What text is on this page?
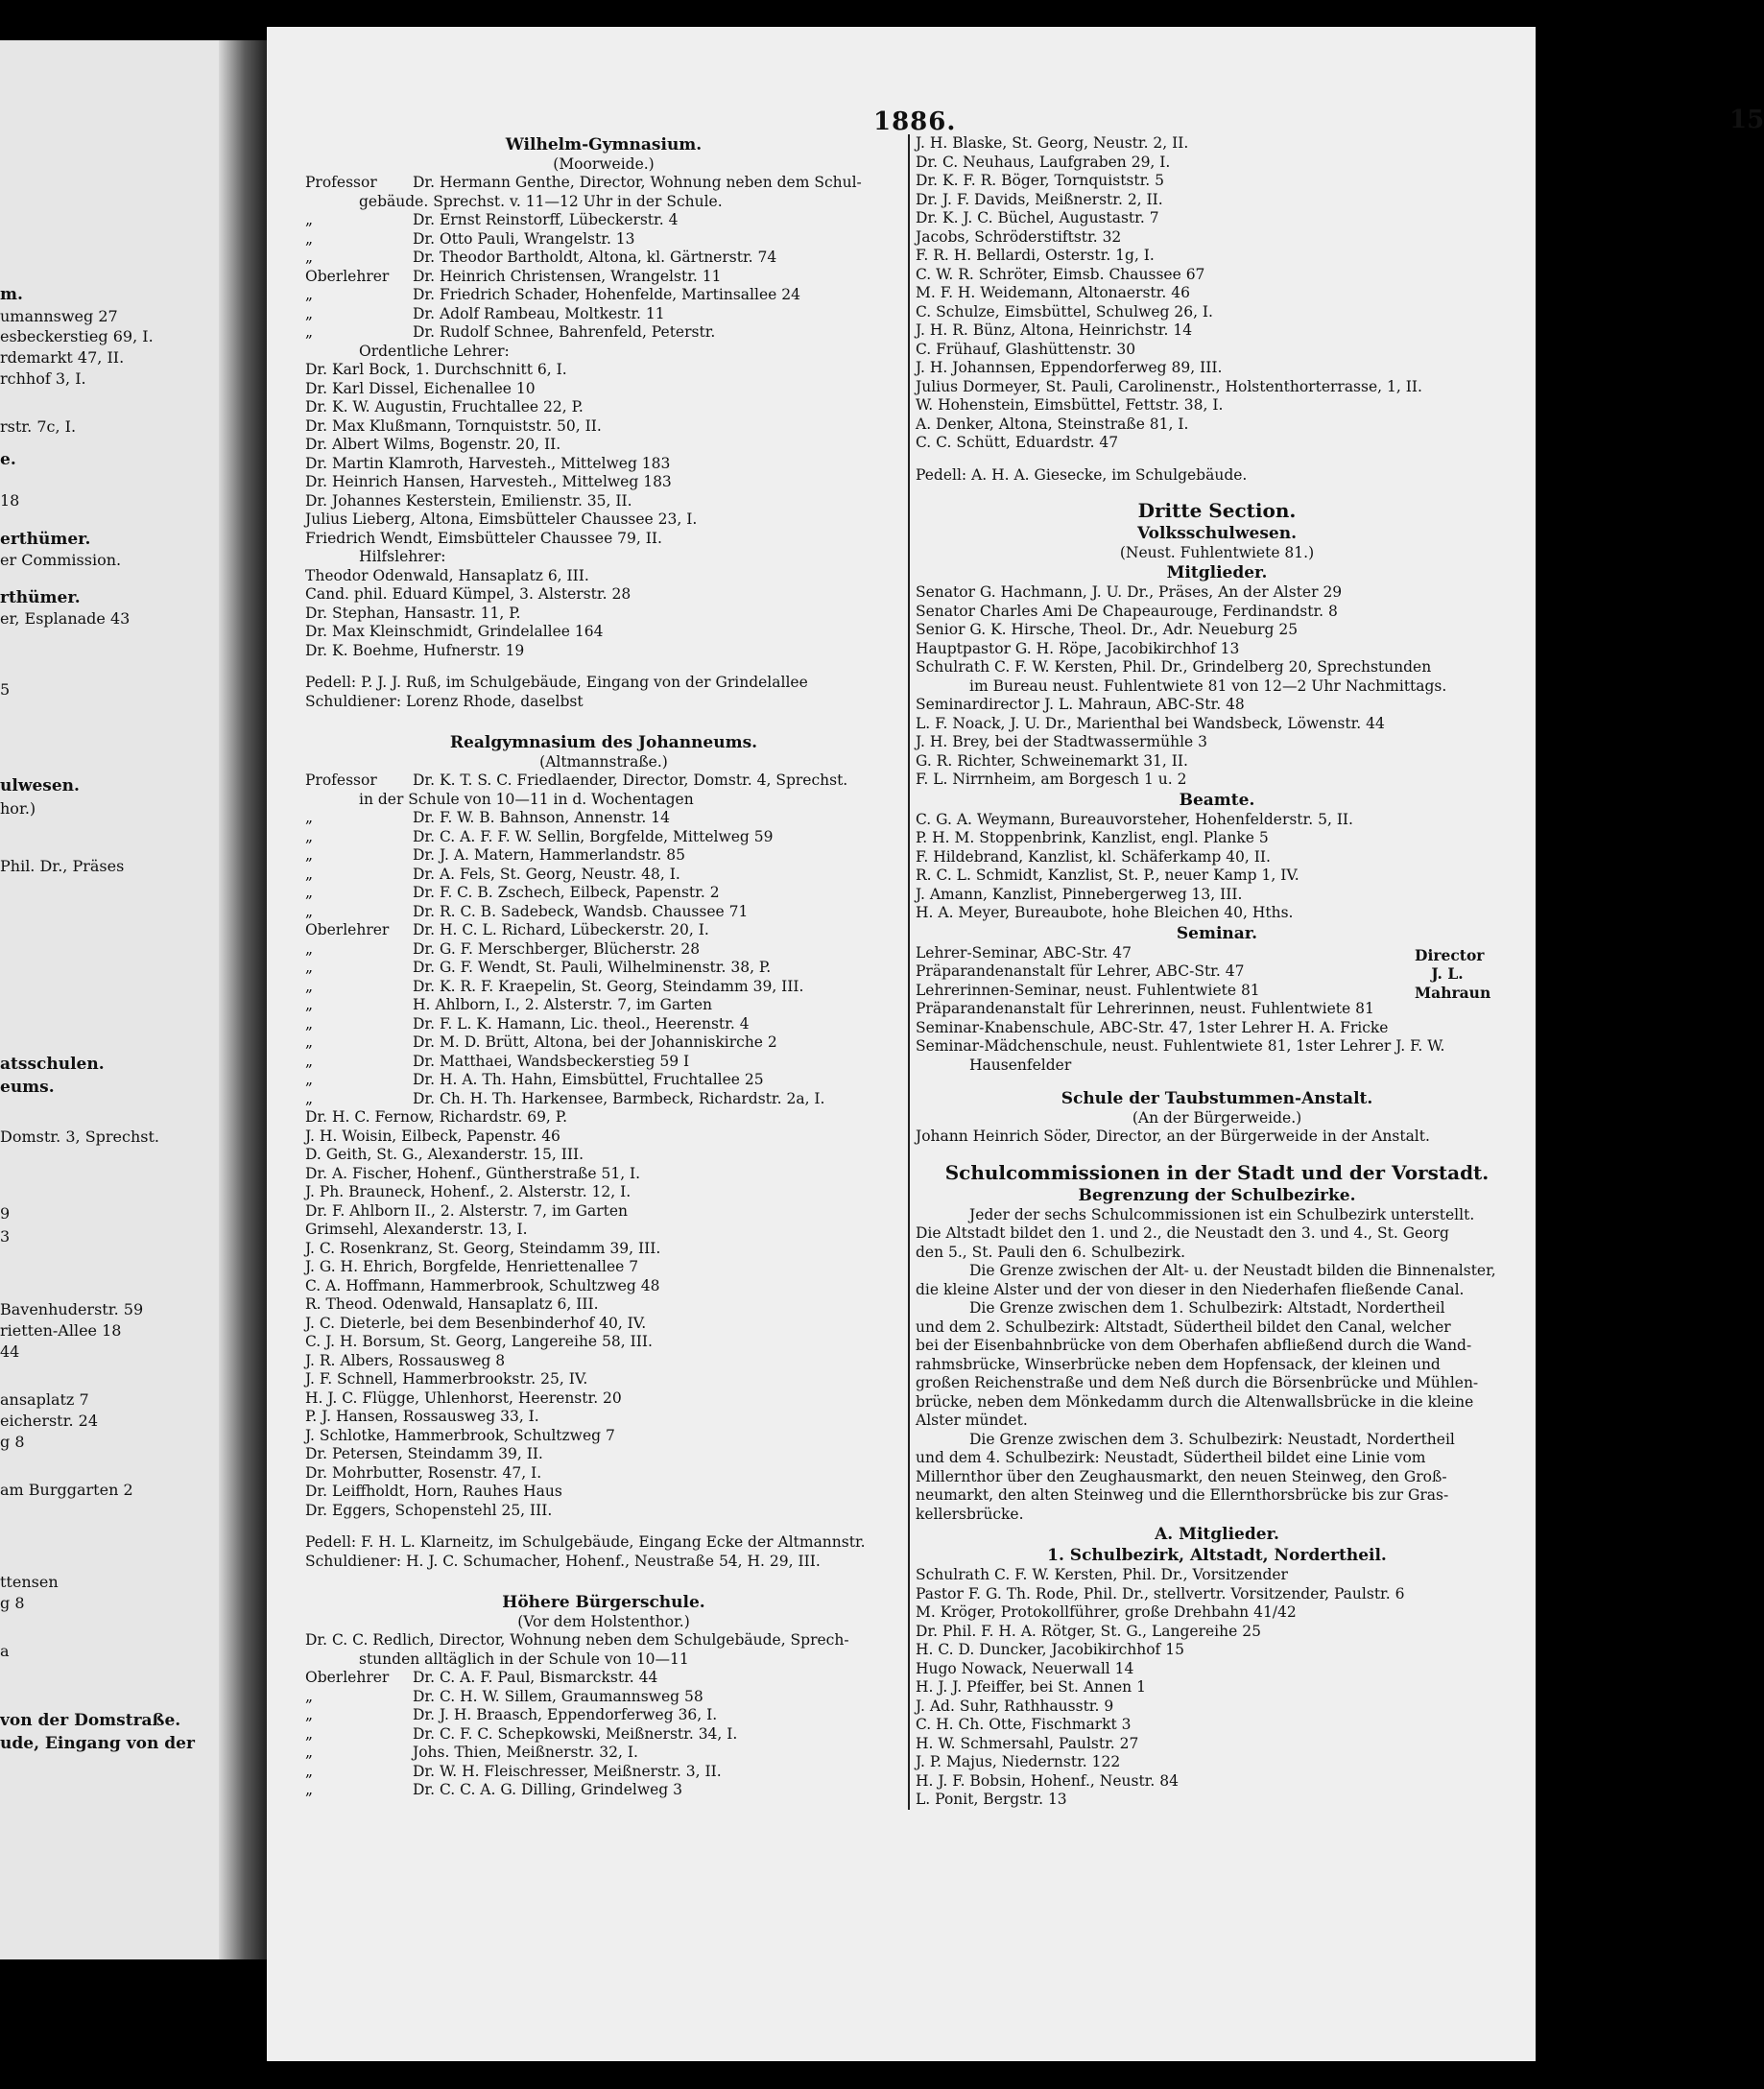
m.
umannsweg 27
esbeckerstieg 69, I.
rdemarkt 47, II.
rchhof 3, I.
rstr. 7c, I.
e.
18
erthümer.
er Commission.
rthümer.
er, Esplanade 43
5
ulwesen.
hor.)
Phil. Dr., Präses
atsschulen.
eums.
Domstr. 3, Sprechst.
9
3
Bavenhuderstr. 59
rietten-Allee 18
44
ansaplatz 7
eicherstr. 24
g 8
am Burggarten 2
ttensen
g 8
a
von der Domstraße.
ude, Eingang von der
1886.	15
Wilhelm-Gymnasium.
(Moorweide.)
Professor Dr. Hermann Genthe, Director, Wohnung neben dem Schul-
gebäude. Sprechst. v. 11—12 Uhr in der Schule.
„	Dr. Ernst Reinstorff, Lübeckerstr. 4
„	Dr. Otto Pauli, Wrangelstr. 13
„	Dr. Theodor Bartholdt, Altona, kl. Gärtnerstr. 74
Oberlehrer Dr. Heinrich Christensen, Wrangelstr. 11
„	Dr. Friedrich Schader, Hohenfelde, Martinsallee 24
„	Dr. Adolf Rambeau, Moltkestr. 11
„	Dr. Rudolf Schnee, Bahrenfeld, Peterstr.
Ordentliche Lehrer:
Dr. Karl Bock, 1. Durchschnitt 6, I.
Dr. Karl Dissel, Eichenallee 10
Dr. K. W. Augustin, Fruchtallee 22, P.
Dr. Max Klußmann, Tornquiststr. 50, II.
Dr. Albert Wilms, Bogenstr. 20, II.
Dr. Martin Klamroth, Harvesteh., Mittelweg 183
Dr. Heinrich Hansen, Harvesteh., Mittelweg 183
Dr. Johannes Kesterstein, Emilienstr. 35, II.
Julius Lieberg, Altona, Eimsbütteler Chaussee 23, I.
Friedrich Wendt, Eimsbütteler Chaussee 79, II.
Hilfslehrer:
Theodor Odenwald, Hansaplatz 6, III.
Cand. phil. Eduard Kümpel, 3. Alsterstr. 28
Dr. Stephan, Hansastr. 11, P.
Dr. Max Kleinschmidt, Grindelallee 164
Dr. K. Boehme, Hufnerstr. 19
Pedell: P. J. J. Ruß, im Schulgebäude, Eingang von der Grindelallee
Schuldiener: Lorenz Rhode, daselbst
Realgymnasium des Johanneums.
(Altmannstraße.)
Professor Dr. K. T. S. C. Friedlaender, Director, Domstr. 4, Sprechst.
in der Schule von 10—11 in d. Wochentagen
„	Dr. F. W. B. Bahnson, Annenstr. 14
„	Dr. C. A. F. F. W. Sellin, Borgfelde, Mittelweg 59
„	Dr. J. A. Matern, Hammerlandstr. 85
„	Dr. A. Fels, St. Georg, Neustr. 48, I.
„	Dr. F. C. B. Zschech, Eilbeck, Papenstr. 2
„	Dr. R. C. B. Sadebeck, Wandsb. Chaussee 71
Oberlehrer Dr. H. C. L. Richard, Lübeckerstr. 20, I.
„	Dr. G. F. Merschberger, Blücherstr. 28
„	Dr. G. F. Wendt, St. Pauli, Wilhelminenstr. 38, P.
„	Dr. K. R. F. Kraepelin, St. Georg, Steindamm 39, III.
„	H. Ahlborn, I., 2. Alsterstr. 7, im Garten
„	Dr. F. L. K. Hamann, Lic. theol., Heerenstr. 4
„	Dr. M. D. Brütt, Altona, bei der Johanniskirche 2
„	Dr. Matthaei, Wandsbeckerstieg 59 I
„	Dr. H. A. Th. Hahn, Eimsbüttel, Fruchtallee 25
„	Dr. Ch. H. Th. Harkensee, Barmbeck, Richardstr. 2a, I.
Dr. H. C. Fernow, Richardstr. 69, P.
J. H. Woisin, Eilbeck, Papenstr. 46
D. Geith, St. G., Alexanderstr. 15, III.
Dr. A. Fischer, Hohenf., Güntherstraße 51, I.
J. Ph. Brauneck, Hohenf., 2. Alsterstr. 12, I.
Dr. F. Ahlborn II., 2. Alsterstr. 7, im Garten
Grimsehl, Alexanderstr. 13, I.
J. C. Rosenkranz, St. Georg, Steindamm 39, III.
J. G. H. Ehrich, Borgfelde, Henriettenallee 7
C. A. Hoffmann, Hammerbrook, Schultzweg 48
R. Theod. Odenwald, Hansaplatz 6, III.
J. C. Dieterle, bei dem Besenbinderhof 40, IV.
C. J. H. Borsum, St. Georg, Langereihe 58, III.
J. R. Albers, Rossausweg 8
J. F. Schnell, Hammerbrookstr. 25, IV.
H. J. C. Flügge, Uhlenhorst, Heerenstr. 20
P. J. Hansen, Rossausweg 33, I.
J. Schlotke, Hammerbrook, Schultzweg 7
Dr. Petersen, Steindamm 39, II.
Dr. Mohrbutter, Rosenstr. 47, I.
Dr. Leiffholdt, Horn, Rauhes Haus
Dr. Eggers, Schopenstehl 25, III.
Pedell: F. H. L. Klarneitz, im Schulgebäude, Eingang Ecke der Altmannstr.
Schuldiener: H. J. C. Schumacher, Hohenf., Neustraße 54, H. 29, III.
Höhere Bürgerschule.
(Vor dem Holstenthor.)
Dr. C. C. Redlich, Director, Wohnung neben dem Schulgebäude, Sprech-
stunden alltäglich in der Schule von 10—11
Oberlehrer Dr. C. A. F. Paul, Bismarckstr. 44
„	Dr. C. H. W. Sillem, Graumannsweg 58
„	Dr. J. H. Braasch, Eppendorferweg 36, I.
„	Dr. C. F. C. Schepkowski, Meißnerstr. 34, I.
„	Johs. Thien, Meißnerstr. 32, I.
„	Dr. W. H. Fleischresser, Meißnerstr. 3, II.
„	Dr. C. C. A. G. Dilling, Grindelweg 3
J. H. Blaske, St. Georg, Neustr. 2, II.
Dr. C. Neuhaus, Laufgraben 29, I.
Dr. K. F. R. Böger, Tornquiststr. 5
Dr. J. F. Davids, Meißnerstr. 2, II.
Dr. K. J. C. Büchel, Augustastr. 7
Jacobs, Schröderstiftstr. 32
F. R. H. Bellardi, Osterstr. 1g, I.
C. W. R. Schröter, Eimsb. Chaussee 67
M. F. H. Weidemann, Altonaerstr. 46
C. Schulze, Eimsbüttel, Schulweg 26, I.
J. H. R. Bünz, Altona, Heinrichstr. 14
C. Frühauf, Glashüttenstr. 30
J. H. Johannsen, Eppendorferweg 89, III.
Julius Dormeyer, St. Pauli, Carolinenstr., Holstenthorterrasse, 1, II.
W. Hohenstein, Eimsbüttel, Fettstr. 38, I.
A. Denker, Altona, Steinstraße 81, I.
C. C. Schütt, Eduardstr. 47
Pedell: A. H. A. Giesecke, im Schulgebäude.
Dritte Section.
Volksschulwesen.
(Neust. Fuhlentwiete 81.)
Mitglieder.
Senator G. Hachmann, J. U. Dr., Präses, An der Alster 29
Senator Charles Ami De Chapeaurouge, Ferdinandstr. 8
Senior G. K. Hirsche, Theol. Dr., Adr. Neueburg 25
Hauptpastor G. H. Röpe, Jacobikirchhof 13
Schulrath C. F. W. Kersten, Phil. Dr., Grindelberg 20, Sprechstunden
im Bureau neust. Fuhlentwiete 81 von 12—2 Uhr Nachmittags.
Seminardirector J. L. Mahraun, ABC-Str. 48
L. F. Noack, J. U. Dr., Marienthal bei Wandsbeck, Löwenstr. 44
J. H. Brey, bei der Stadtwassermühle 3
G. R. Richter, Schweinemarkt 31, II.
F. L. Nirrnheim, am Borgesch 1 u. 2
Beamte.
C. G. A. Weymann, Bureauvorsteher, Hohenfelderstr. 5, II.
P. H. M. Stoppenbrink, Kanzlist, engl. Planke 5
F. Hildebrand, Kanzlist, kl. Schäferkamp 40, II.
R. C. L. Schmidt, Kanzlist, St. P., neuer Kamp 1, IV.
J. Amann, Kanzlist, Pinnebergerweg 13, III.
H. A. Meyer, Bureaubote, hohe Bleichen 40, Hths.
Seminar.
Lehrer-Seminar, ABC-Str. 47	Director
J. L.
Mahraun
Präparandenanstalt für Lehrer, ABC-Str. 47
Lehrerinnen-Seminar, neust. Fuhlentwiete 81
Präparandenanstalt für Lehrerinnen, neust. Fuhlentwiete 81
Seminar-Knabenschule, ABC-Str. 47, 1ster Lehrer H. A. Fricke
Seminar-Mädchenschule, neust. Fuhlentwiete 81, 1ster Lehrer J. F. W.
Hausenfelder
Schule der Taubstummen-Anstalt.
(An der Bürgerweide.)
Johann Heinrich Söder, Director, an der Bürgerweide in der Anstalt.
Schulcommissionen in der Stadt und der Vorstadt.
Begrenzung der Schulbezirke.
Jeder der sechs Schulcommissionen ist ein Schulbezirk unterstellt.
Die Altstadt bildet den 1. und 2., die Neustadt den 3. und 4., St. Georg
den 5., St. Pauli den 6. Schulbezirk.
Die Grenze zwischen der Alt- u. der Neustadt bilden die Binnenalster,
die kleine Alster und der von dieser in den Niederhafen fließende Canal.
Die Grenze zwischen dem 1. Schulbezirk: Altstadt, Nordertheil
und dem 2. Schulbezirk: Altstadt, Südertheil bildet den Canal, welcher
bei der Eisenbahnbrücke von dem Oberhafen abfließend durch die Wand-
rahmsbrücke, Winserbrücke neben dem Hopfensack, der kleinen und
großen Reichenstraße und dem Neß durch die Börsenbrücke und Mühlen-
brücke, neben dem Mönkedamm durch die Altenwallsbrücke in die kleine
Alster mündet.
Die Grenze zwischen dem 3. Schulbezirk: Neustadt, Nordertheil
und dem 4. Schulbezirk: Neustadt, Südertheil bildet eine Linie vom
Millernthor über den Zeughausmarkt, den neuen Steinweg, den Groß-
neumarkt, den alten Steinweg und die Ellernthorsbrücke bis zur Gras-
kellersbrücke.
A. Mitglieder.
1. Schulbezirk, Altstadt, Nordertheil.
Schulrath C. F. W. Kersten, Phil. Dr., Vorsitzender
Pastor F. G. Th. Rode, Phil. Dr., stellvertr. Vorsitzender, Paulstr. 6
M. Kröger, Protokollführer, große Drehbahn 41/42
Dr. Phil. F. H. A. Rötger, St. G., Langereihe 25
H. C. D. Duncker, Jacobikirchhof 15
Hugo Nowack, Neuerwall 14
H. J. J. Pfeiffer, bei St. Annen 1
J. Ad. Suhr, Rathhausstr. 9
C. H. Ch. Otte, Fischmarkt 3
H. W. Schmersahl, Paulstr. 27
J. P. Majus, Niedernstr. 122
H. J. F. Bobsin, Hohenf., Neustr. 84
L. Ponit, Bergstr. 13
